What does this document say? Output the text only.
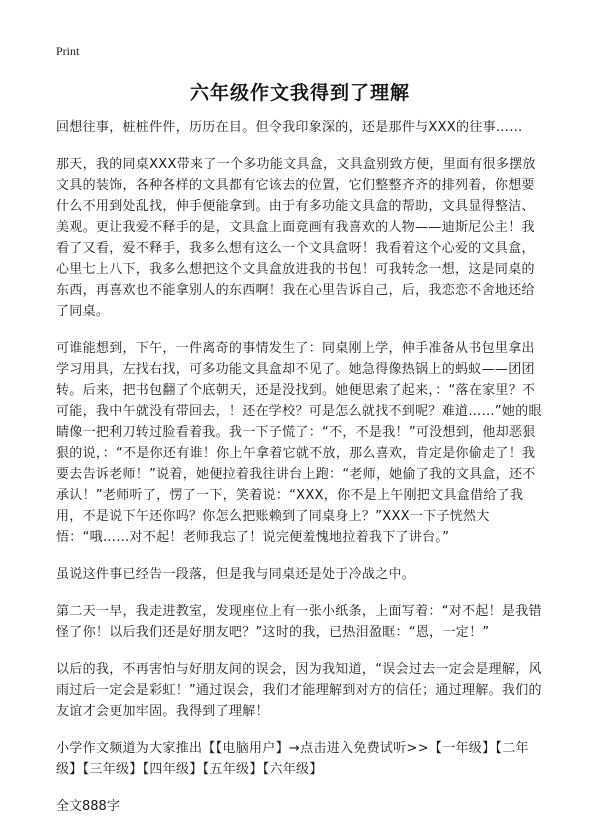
Print
六年级作文我得到了理解

回想往事，桩桩件件，历历在目。但令我印象深的，还是那件与XXX的往事……

那天，我的同桌XXX带来了一个多功能文具盒，文具盒别致方便，里面有很多摆放文具的装饰，各种各样的文具都有它该去的位置，它们整整齐齐的排列着，你想要什么不用到处乱找，伸手便能拿到。由于有多功能文具盒的帮助，文具显得整洁、美观。更让我爱不释手的是，文具盒上面竟画有我喜欢的人物——迪斯尼公主！我看了又看，爱不释手，我多么想有这么一个文具盒呀！我看着这个心爱的文具盒，心里七上八下，我多么想把这个文具盒放进我的书包！可我转念一想，这是同桌的东西，再喜欢也不能拿别人的东西啊！我在心里告诉自己，后，我恋恋不舍地还给了同桌。

可谁能想到，下午，一件离奇的事情发生了：同桌刚上学，伸手准备从书包里拿出学习用具，左找右找，可多功能文具盒却不见了。她急得像热锅上的蚂蚁——团团转。后来，把书包翻了个底朝天，还是没找到。她便思索了起来，：“落在家里？不可能，我中午就没有带回去，！还在学校？可是怎么就找不到呢？难道……”她的眼睛像一把利刀转过脸看着我。我一下子慌了：“不，不是我！”可没想到，他却恶狠狠的说，：“不是你还有谁！你上午拿着它就不放，那么喜欢，肯定是你偷走了！我要去告诉老师！”说着，她便拉着我往讲台上跑：“老师，她偷了我的文具盒，还不承认！”老师听了，愣了一下，笑着说：“XXX，你不是上午刚把文具盒借给了我用，不是说下午还你吗？你怎么把账赖到了同桌身上？”XXX一下子恍然大悟：“哦……对不起！老师我忘了！说完便羞愧地拉着我下了讲台。”

虽说这件事已经告一段落，但是我与同桌还是处于冷战之中。

第二天一早，我走进教室，发现座位上有一张小纸条，上面写着：“对不起！是我错怪了你！以后我们还是好朋友吧？”这时的我，已热泪盈眶：“恩，一定！”

以后的我，不再害怕与好朋友间的误会，因为我知道，“误会过去一定会是理解，风雨过后一定会是彩虹！”通过误会，我们才能理解到对方的信任；通过理解。我们的友谊才会更加牢固。我得到了理解！

小学作文频道为大家推出【【电脑用户】→点击进入免费试听>>【一年级】【二年级】【三年级】【四年级】【五年级】【六年级】
全文888字
